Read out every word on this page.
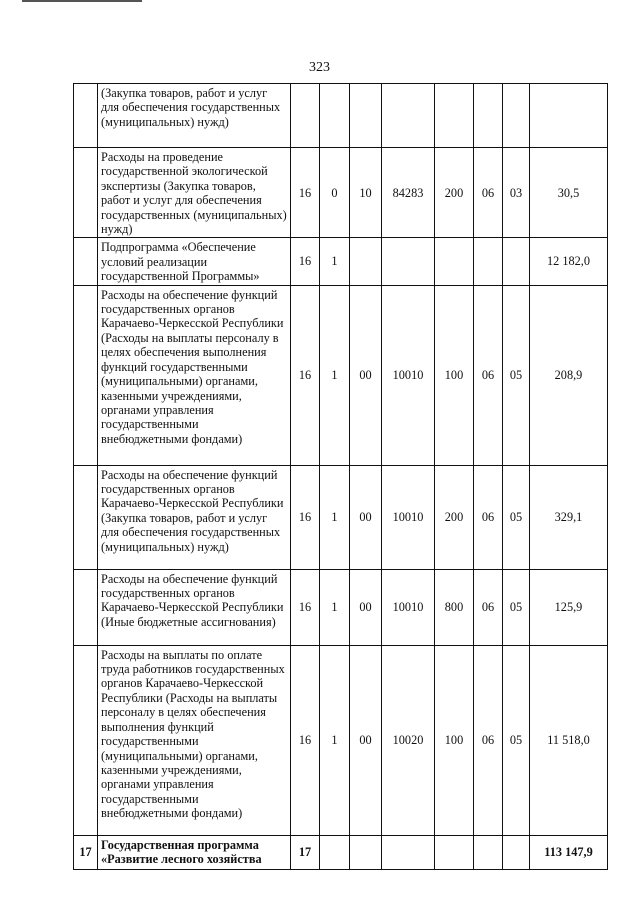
323
	(Закупка товаров, работ и услуг для обеспечения государственных (муниципальных) нужд)								
	Расходы на проведение государственной экологической экспертизы (Закупка товаров, работ и услуг для обеспечения государственных (муниципальных) нужд)	16	0	10	84283	200	06	03	30,5
	Подпрограмма «Обеспечение условий реализации государственной Программы»	16	1						12 182,0
	Расходы на обеспечение функций государственных органов Карачаево-Черкесской Республики (Расходы на выплаты персоналу в целях обеспечения выполнения функций государственными (муниципальными) органами, казенными учреждениями, органами управления государственными внебюджетными фондами)	16	1	00	10010	100	06	05	208,9
	Расходы на обеспечение функций государственных органов Карачаево-Черкесской Республики (Закупка товаров, работ и услуг для обеспечения государственных (муниципальных) нужд)	16	1	00	10010	200	06	05	329,1
	Расходы на обеспечение функций государственных органов Карачаево-Черкесской Республики (Иные бюджетные ассигнования)	16	1	00	10010	800	06	05	125,9
	Расходы на выплаты по оплате труда работников государственных органов Карачаево-Черкесской Республики (Расходы на выплаты персоналу в целях обеспечения выполнения функций государственными (муниципальными) органами, казенными учреждениями, органами управления государственными внебюджетными фондами)	16	1	00	10020	100	06	05	11 518,0
17	Государственная программа «Развитие лесного хозяйства	17							113 147,9
